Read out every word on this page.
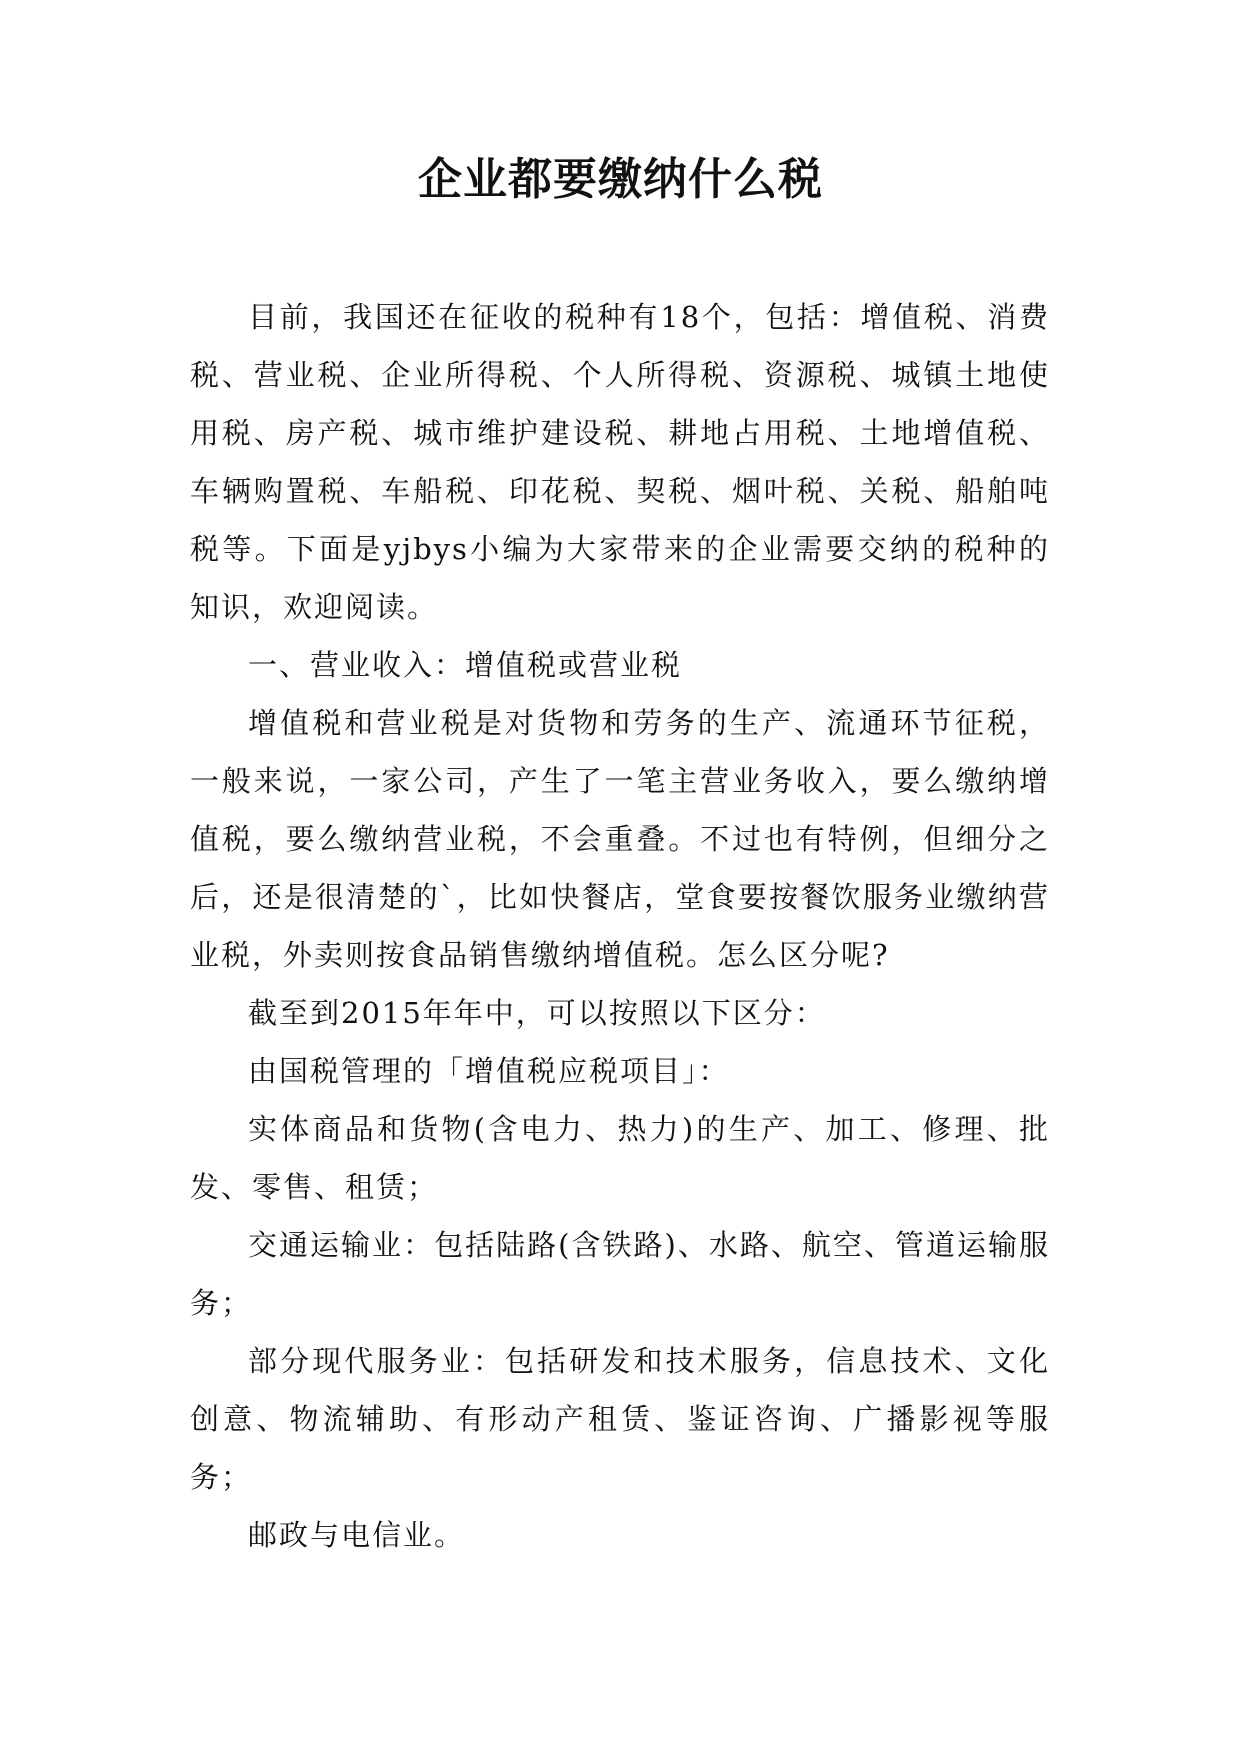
企业都要缴纳什么税

目前，我国还在征收的税种有18个，包括：增值税、消费税、营业税、企业所得税、个人所得税、资源税、城镇土地使用税、房产税、城市维护建设税、耕地占用税、土地增值税、车辆购置税、车船税、印花税、契税、烟叶税、关税、船舶吨税等。下面是yjbys小编为大家带来的企业需要交纳的税种的知识，欢迎阅读。

一、营业收入：增值税或营业税

增值税和营业税是对货物和劳务的生产、流通环节征税，一般来说，一家公司，产生了一笔主营业务收入，要么缴纳增值税，要么缴纳营业税，不会重叠。不过也有特例，但细分之后，还是很清楚的`，比如快餐店，堂食要按餐饮服务业缴纳营业税，外卖则按食品销售缴纳增值税。怎么区分呢?

截至到2015年年中，可以按照以下区分：

由国税管理的「增值税应税项目」：

实体商品和货物(含电力、热力)的生产、加工、修理、批发、零售、租赁；

交通运输业：包括陆路(含铁路)、水路、航空、管道运输服务；

部分现代服务业：包括研发和技术服务，信息技术、文化创意、物流辅助、有形动产租赁、鉴证咨询、广播影视等服务；

邮政与电信业。
